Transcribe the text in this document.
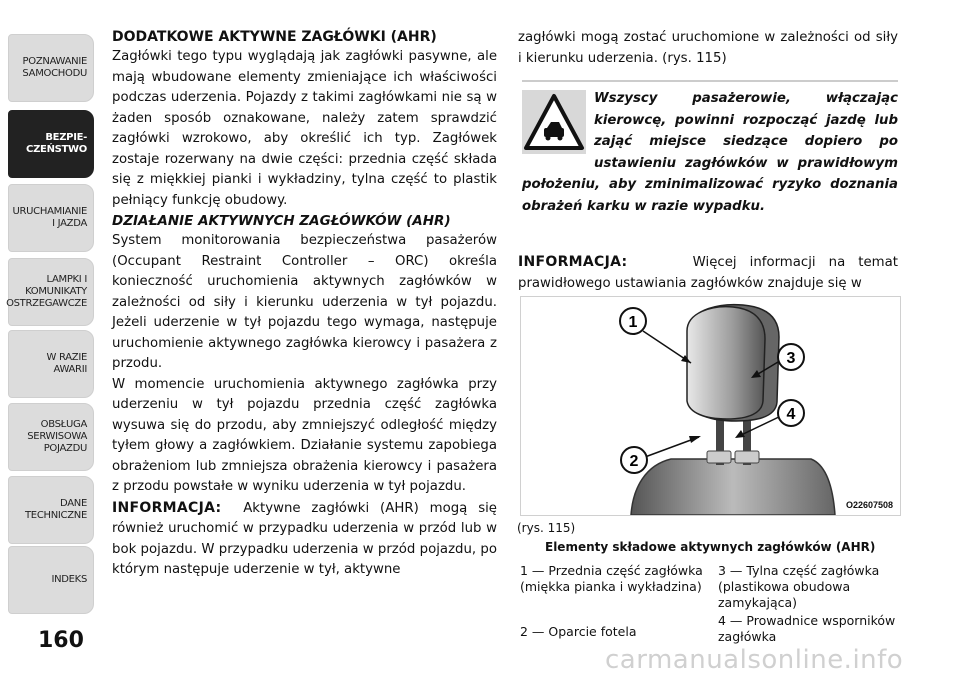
POZNAWANIE
SAMOCHODU
BEZPIE-
CZEŃSTWO
URUCHAMIANIE
I JAZDA
LAMPKI I
KOMUNIKATY
OSTRZEGAWCZE
W RAZIE
AWARII
OBSŁUGA
SERWISOWA
POJAZDU
DANE
TECHNICZNE
INDEKS
160

DODATKOWE AKTYWNE ZAGŁÓWKI (AHR)

Zagłówki tego typu wyglądają jak zagłówki pasywne, ale mają wbudowane elementy zmieniające ich właściwości podczas uderzenia. Pojazdy z takimi zagłówkami nie są w żaden sposób oznakowane, należy zatem sprawdzić zagłówki wzrokowo, aby określić ich typ. Zagłówek zostaje rozerwany na dwie części: przednia część składa się z miękkiej pianki i wykładziny, tylna część to plastik pełniący funkcję obudowy.

DZIAŁANIE AKTYWNYCH ZAGŁÓWKÓW (AHR)

System monitorowania bezpieczeństwa pasażerów (Occupant Restraint Controller – ORC) określa konieczność uruchomienia aktywnych zagłówków w zależności od siły i kierunku uderzenia w tył pojazdu. Jeżeli uderzenie w tył pojazdu tego wymaga, następuje uruchomienie aktywnego zagłówka kierowcy i pasażera z przodu.

W momencie uruchomienia aktywnego zagłówka przy uderzeniu w tył pojazdu przednia część zagłówka wysuwa się do przodu, aby zmniejszyć odległość między tyłem głowy a zagłówkiem. Działanie systemu zapobiega obrażeniom lub zmniejsza obrażenia kierowcy i pasażera z przodu powstałe w wyniku uderzenia w tył pojazdu.

INFORMACJA: Aktywne zagłówki (AHR) mogą się również uruchomić w przypadku uderzenia w przód lub w bok pojazdu. W przypadku uderzenia w przód pojazdu, po którym następuje uderzenie w tył, aktywne

zagłówki mogą zostać uruchomione w zależności od siły i kierunku uderzenia. (rys. 115)

Wszyscy pasażerowie, włączając kierowcę, powinni rozpocząć jazdę lub zająć miejsce siedzące dopiero po ustawieniu zagłówków w prawidłowym położeniu, aby zminimalizować ryzyko doznania obrażeń karku w razie wypadku.

INFORMACJA:	Więcej informacji na temat prawidłowego ustawiania zagłówków znajduje się w

1
2
3
4
O22607508
(rys. 115)
Elementy składowe aktywnych zagłówków (AHR)
1 — Przednia część zagłówka (miękka pianka i wykładzina)
2 — Oparcie fotela
3 — Tylna część zagłówka (plastikowa obudowa zamykająca)
4 — Prowadnice wsporników zagłówka
carmanualsonline.info
